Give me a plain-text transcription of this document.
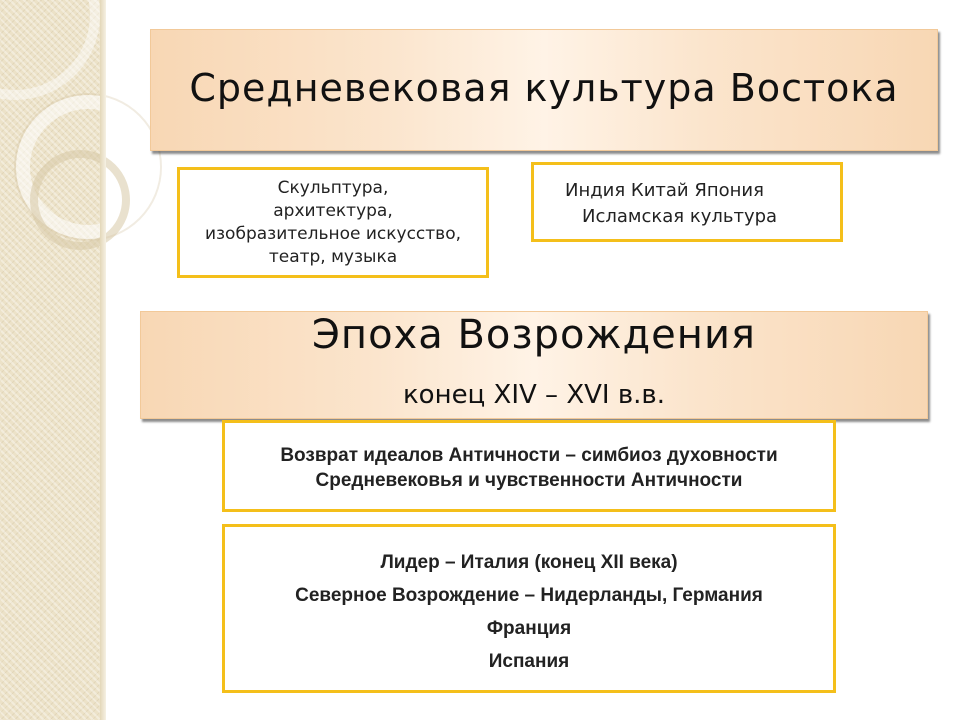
Средневековая культура Востока
Скульптура,
архитектура,
изобразительное искусство,
театр, музыка
Индия Китай Япония
Исламская культура
Эпоха Возрождения
конец XIV – XVI в.в.
Возврат идеалов Античности – симбиоз духовности
Средневековья и чувственности Античности
Лидер – Италия (конец XII века)
Северное Возрождение – Нидерланды, Германия
Франция
Испания
